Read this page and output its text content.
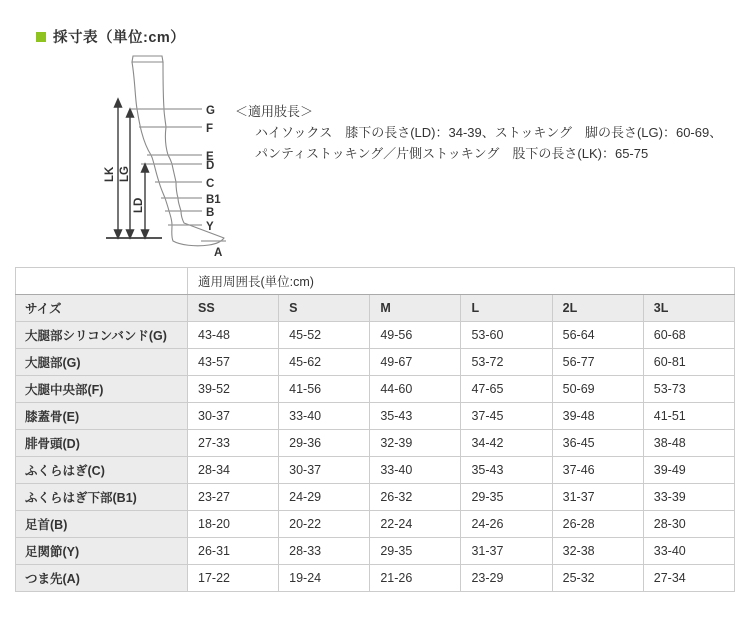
採寸表（単位:cm）
G
F
E
D
C
B1
B
Y
A
LK LG
LD
＜適用肢長＞
ハイソックス　膝下の長さ(LD)：34-39、ストッキング　脚の長さ(LG)：60-69、
パンティストッキング／片側ストッキング　股下の長さ(LK)：65-75
	適用周囲長(単位:cm)					
サイズ	SS	S	M	L	2L	3L
大腿部シリコンバンド(G)	43-48	45-52	49-56	53-60	56-64	60-68
大腿部(G)	43-57	45-62	49-67	53-72	56-77	60-81
大腿中央部(F)	39-52	41-56	44-60	47-65	50-69	53-73
膝蓋骨(E)	30-37	33-40	35-43	37-45	39-48	41-51
腓骨頭(D)	27-33	29-36	32-39	34-42	36-45	38-48
ふくらはぎ(C)	28-34	30-37	33-40	35-43	37-46	39-49
ふくらはぎ下部(B1)	23-27	24-29	26-32	29-35	31-37	33-39
足首(B)	18-20	20-22	22-24	24-26	26-28	28-30
足関節(Y)	26-31	28-33	29-35	31-37	32-38	33-40
つま先(A)	17-22	19-24	21-26	23-29	25-32	27-34
